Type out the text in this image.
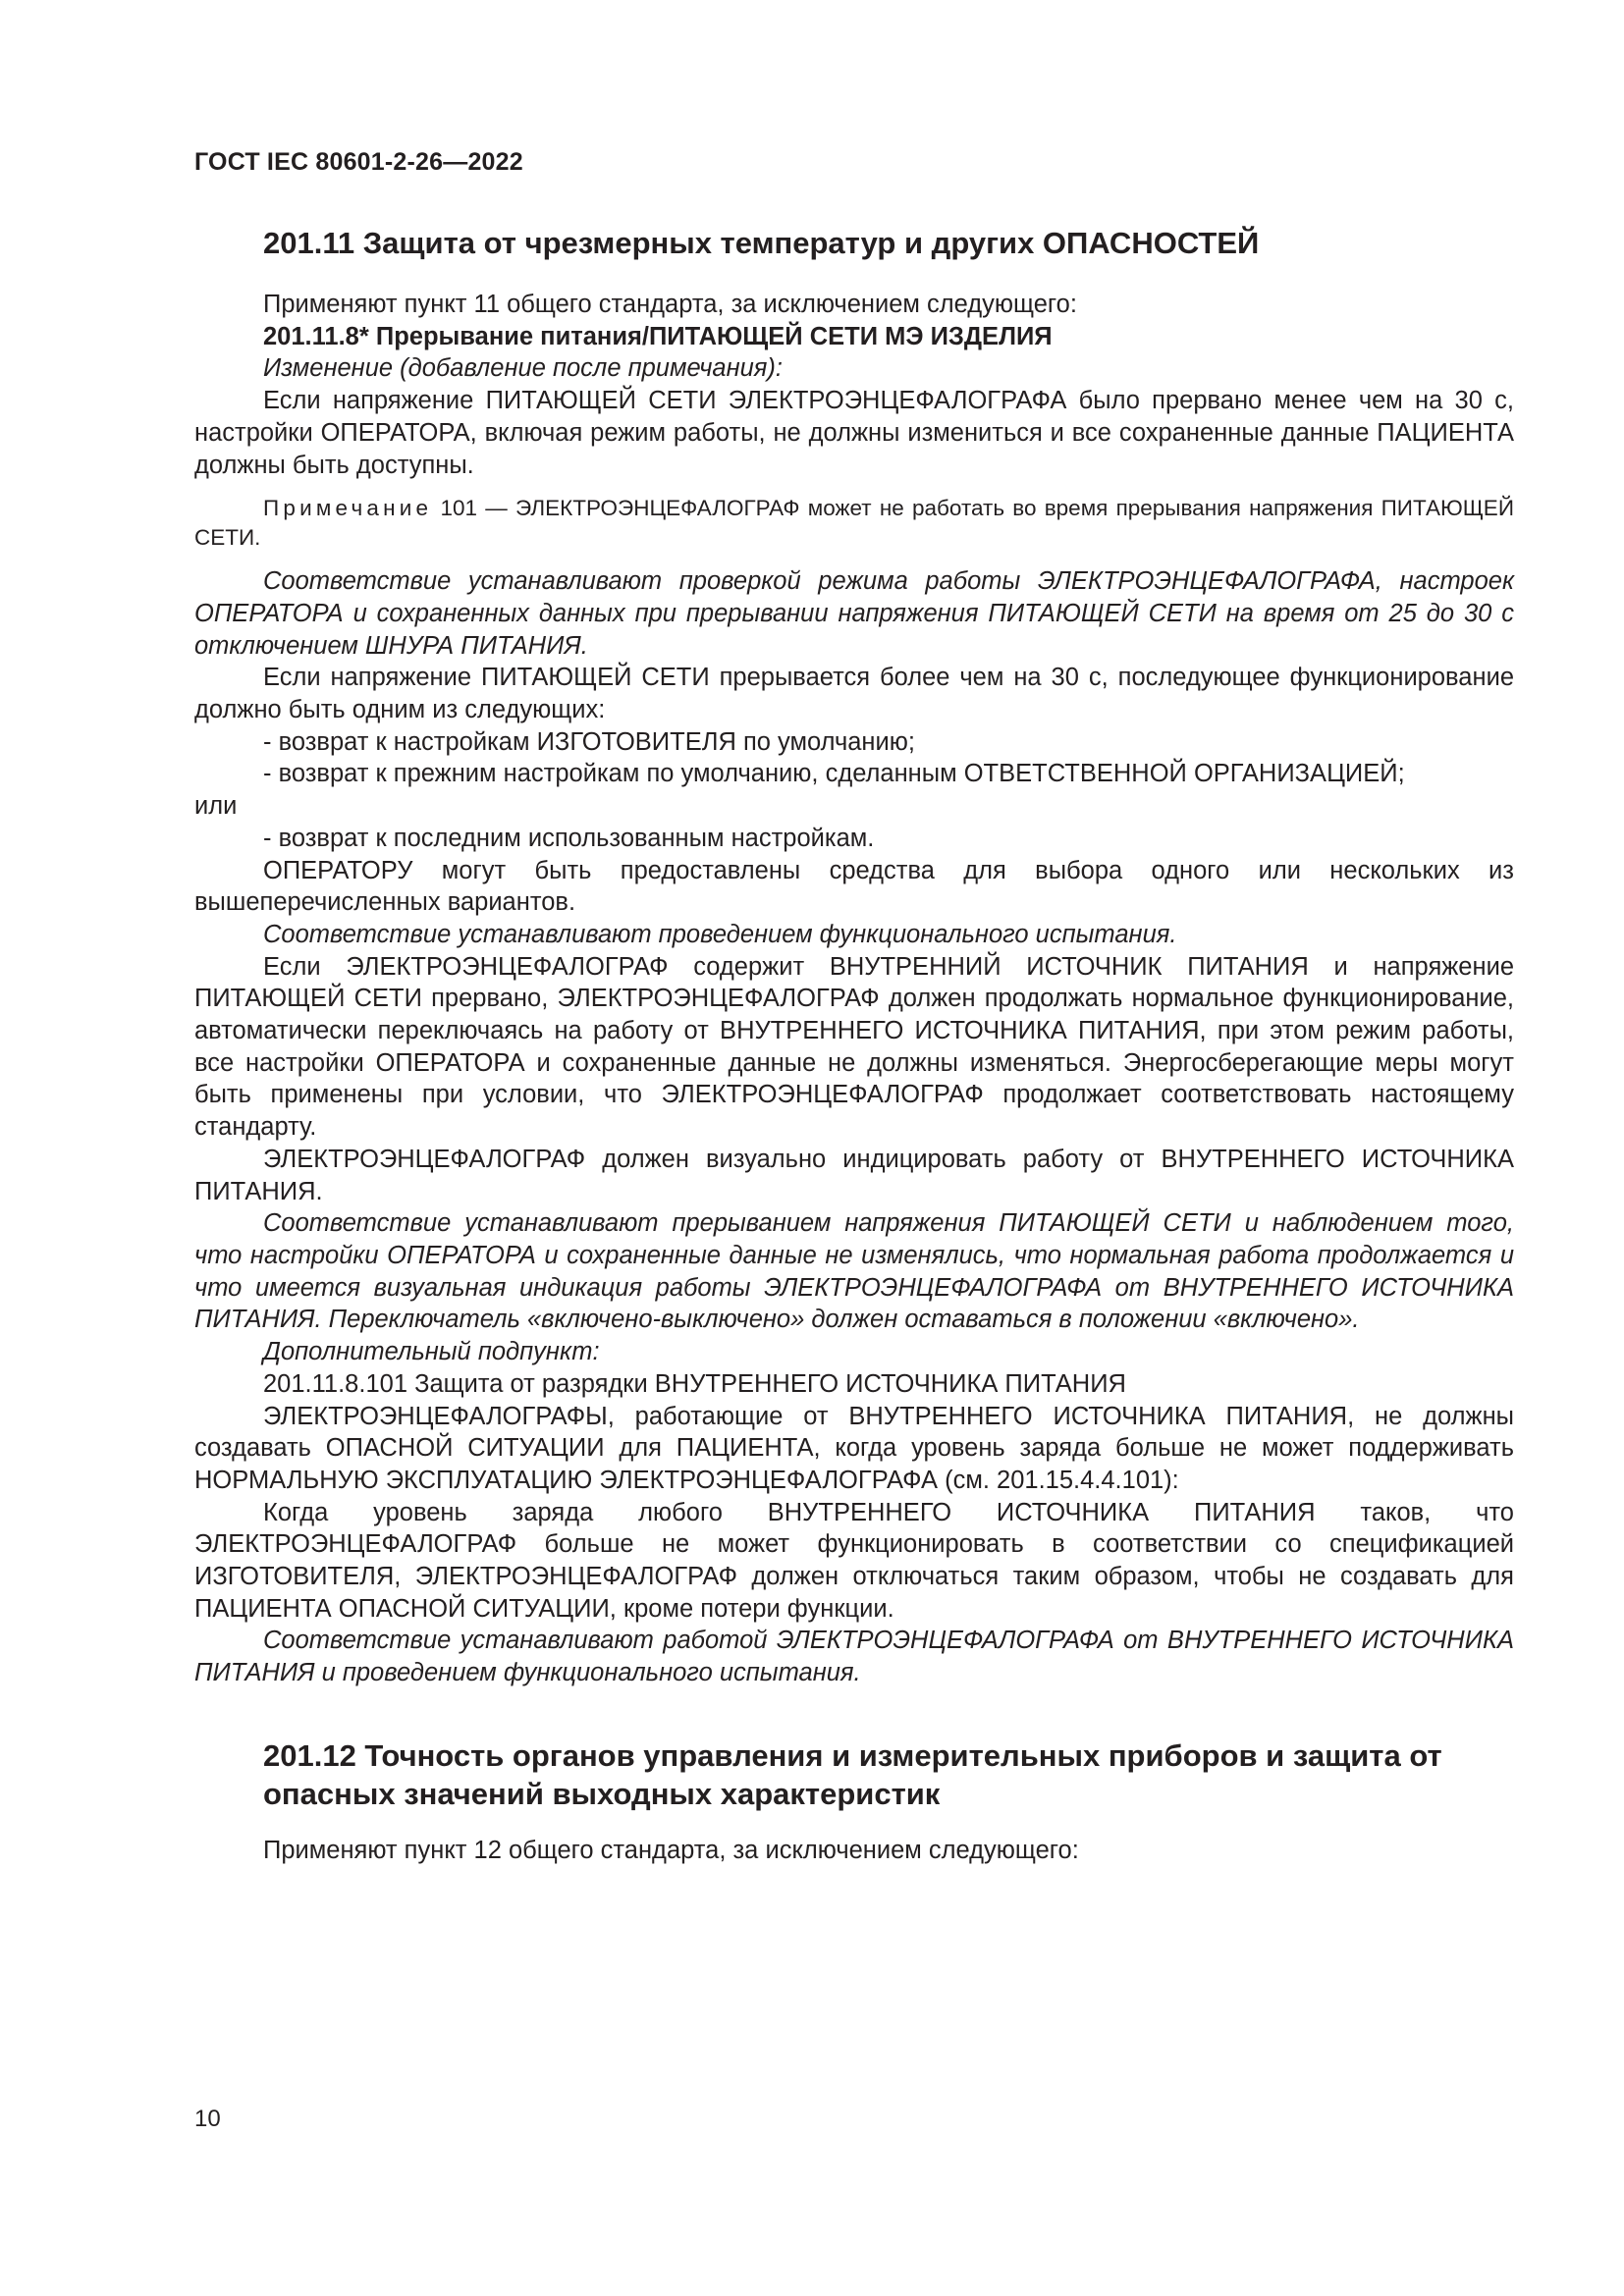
ГОСТ IEC 80601-2-26—2022
201.11 Защита от чрезмерных температур и других ОПАСНОСТЕЙ

Применяют пункт 11 общего стандарта, за исключением следующего:

201.11.8* Прерывание питания/ПИТАЮЩЕЙ СЕТИ МЭ ИЗДЕЛИЯ

Изменение (добавление после примечания):

Если напряжение ПИТАЮЩЕЙ СЕТИ ЭЛЕКТРОЭНЦЕФАЛОГРАФА было прервано менее чем на 30 с, настройки ОПЕРАТОРА, включая режим работы, не должны измениться и все сохраненные данные ПАЦИЕНТА должны быть доступны.

Примечание 101 — ЭЛЕКТРОЭНЦЕФАЛОГРАФ может не работать во время прерывания напряжения ПИТАЮЩЕЙ СЕТИ.

Соответствие устанавливают проверкой режима работы ЭЛЕКТРОЭНЦЕФАЛОГРАФА, настроек ОПЕРАТОРА и сохраненных данных при прерывании напряжения ПИТАЮЩЕЙ СЕТИ на время от 25 до 30 с отключением ШНУРА ПИТАНИЯ.

Если напряжение ПИТАЮЩЕЙ СЕТИ прерывается более чем на 30 с, последующее функционирование должно быть одним из следующих:

- возврат к настройкам ИЗГОТОВИТЕЛЯ по умолчанию;

- возврат к прежним настройкам по умолчанию, сделанным ОТВЕТСТВЕННОЙ ОРГАНИЗАЦИЕЙ;

или

- возврат к последним использованным настройкам.

ОПЕРАТОРУ могут быть предоставлены средства для выбора одного или нескольких из вышеперечисленных вариантов.

Соответствие устанавливают проведением функционального испытания.

Если ЭЛЕКТРОЭНЦЕФАЛОГРАФ содержит ВНУТРЕННИЙ ИСТОЧНИК ПИТАНИЯ и напряжение ПИТАЮЩЕЙ СЕТИ прервано, ЭЛЕКТРОЭНЦЕФАЛОГРАФ должен продолжать нормальное функционирование, автоматически переключаясь на работу от ВНУТРЕННЕГО ИСТОЧНИКА ПИТАНИЯ, при этом режим работы, все настройки ОПЕРАТОРА и сохраненные данные не должны изменяться. Энергосберегающие меры могут быть применены при условии, что ЭЛЕКТРОЭНЦЕФАЛОГРАФ продолжает соответствовать настоящему стандарту.

ЭЛЕКТРОЭНЦЕФАЛОГРАФ должен визуально индицировать работу от ВНУТРЕННЕГО ИСТОЧНИКА ПИТАНИЯ.

Соответствие устанавливают прерыванием напряжения ПИТАЮЩЕЙ СЕТИ и наблюдением того, что настройки ОПЕРАТОРА и сохраненные данные не изменялись, что нормальная работа продолжается и что имеется визуальная индикация работы ЭЛЕКТРОЭНЦЕФАЛОГРАФА от ВНУТРЕННЕГО ИСТОЧНИКА ПИТАНИЯ. Переключатель «включено-выключено» должен оставаться в положении «включено».

Дополнительный подпункт:

201.11.8.101 Защита от разрядки ВНУТРЕННЕГО ИСТОЧНИКА ПИТАНИЯ

ЭЛЕКТРОЭНЦЕФАЛОГРАФЫ, работающие от ВНУТРЕННЕГО ИСТОЧНИКА ПИТАНИЯ, не должны создавать ОПАСНОЙ СИТУАЦИИ для ПАЦИЕНТА, когда уровень заряда больше не может поддерживать НОРМАЛЬНУЮ ЭКСПЛУАТАЦИЮ ЭЛЕКТРОЭНЦЕФАЛОГРАФА (см. 201.15.4.4.101):

Когда уровень заряда любого ВНУТРЕННЕГО ИСТОЧНИКА ПИТАНИЯ таков, что ЭЛЕКТРОЭНЦЕФАЛОГРАФ больше не может функционировать в соответствии со спецификацией ИЗГОТОВИТЕЛЯ, ЭЛЕКТРОЭНЦЕФАЛОГРАФ должен отключаться таким образом, чтобы не создавать для ПАЦИЕНТА ОПАСНОЙ СИТУАЦИИ, кроме потери функции.

Соответствие устанавливают работой ЭЛЕКТРОЭНЦЕФАЛОГРАФА от ВНУТРЕННЕГО ИСТОЧНИКА ПИТАНИЯ и проведением функционального испытания.

201.12 Точность органов управления и измерительных приборов и защита от опасных значений выходных характеристик

Применяют пункт 12 общего стандарта, за исключением следующего:

10
